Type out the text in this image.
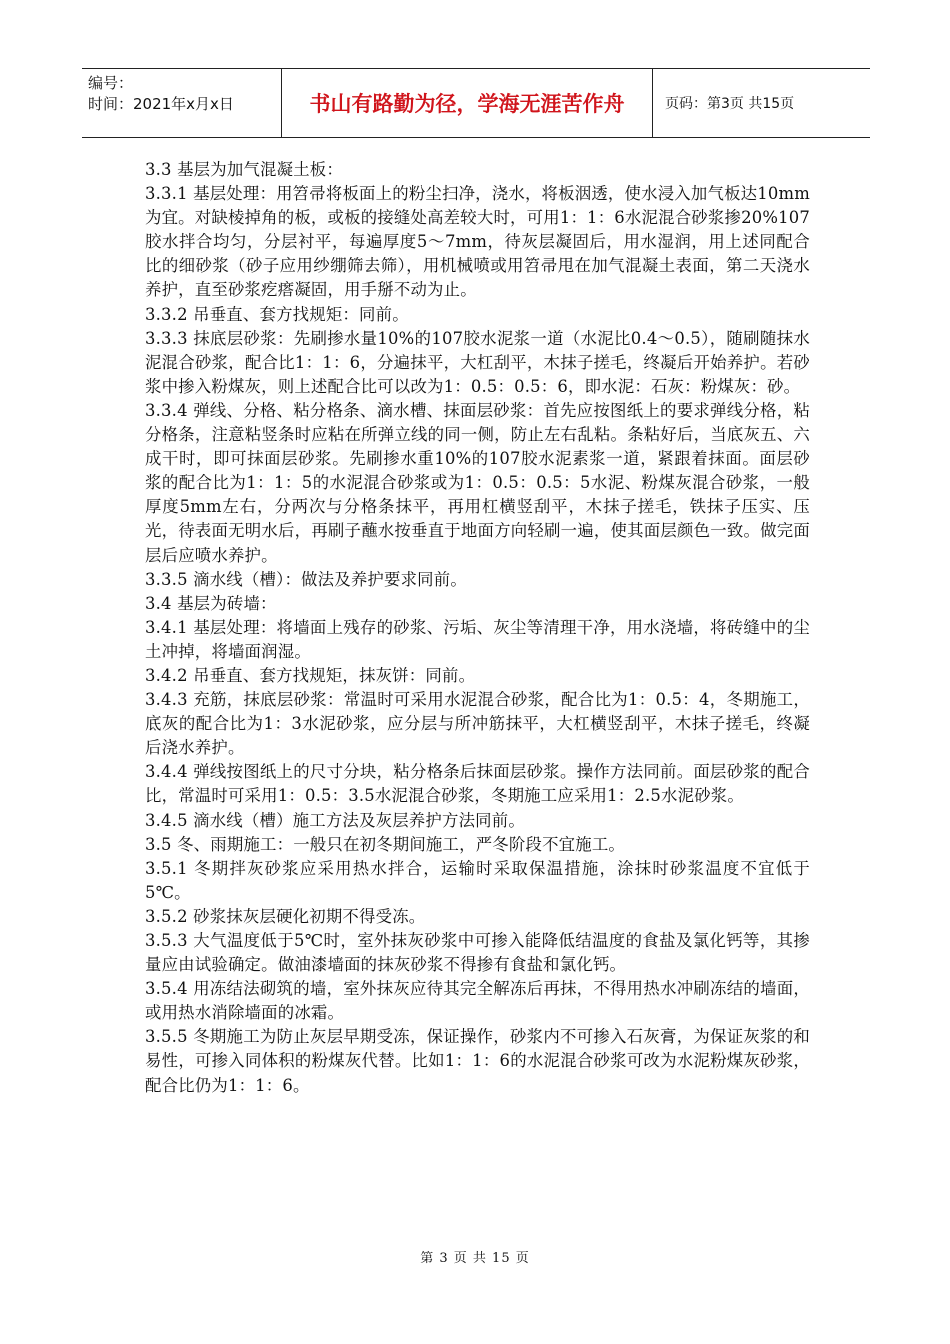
编号：
时间：2021年x月x日	书山有路勤为径，学海无涯苦作舟	页码：第3页 共15页

3.3 基层为加气混凝土板：

3.3.1 基层处理：用笤帚将板面上的粉尘扫净，浇水，将板洇透，使水浸入加气板达10mm为宜。对缺棱掉角的板，或板的接缝处高差较大时，可用1：1：6水泥混合砂浆掺20%107胶水拌合均匀，分层衬平，每遍厚度5～7mm，待灰层凝固后，用水湿润，用上述同配合比的细砂浆（砂子应用纱绷筛去筛），用机械喷或用笤帚甩在加气混凝土表面，第二天浇水养护，直至砂浆疙瘩凝固，用手掰不动为止。

3.3.2 吊垂直、套方找规矩：同前。

3.3.3 抹底层砂浆：先刷掺水量10%的107胶水泥浆一道（水泥比0.4～0.5），随刷随抹水泥混合砂浆，配合比1：1：6，分遍抹平，大杠刮平，木抹子搓毛，终凝后开始养护。若砂浆中掺入粉煤灰，则上述配合比可以改为1：0.5：0.5：6，即水泥：石灰：粉煤灰：砂。

3.3.4 弹线、分格、粘分格条、滴水槽、抹面层砂浆：首先应按图纸上的要求弹线分格，粘分格条，注意粘竖条时应粘在所弹立线的同一侧，防止左右乱粘。条粘好后，当底灰五、六成干时，即可抹面层砂浆。先刷掺水重10%的107胶水泥素浆一道，紧跟着抹面。面层砂浆的配合比为1：1：5的水泥混合砂浆或为1：0.5：0.5：5水泥、粉煤灰混合砂浆，一般厚度5mm左右，分两次与分格条抹平，再用杠横竖刮平，木抹子搓毛，铁抹子压实、压光，待表面无明水后，再刷子蘸水按垂直于地面方向轻刷一遍，使其面层颜色一致。做完面层后应喷水养护。

3.3.5 滴水线（槽）：做法及养护要求同前。

3.4 基层为砖墙：

3.4.1 基层处理：将墙面上残存的砂浆、污垢、灰尘等清理干净，用水浇墙，将砖缝中的尘土冲掉，将墙面润湿。

3.4.2 吊垂直、套方找规矩，抹灰饼：同前。

3.4.3 充筋，抹底层砂浆：常温时可采用水泥混合砂浆，配合比为1：0.5：4，冬期施工，底灰的配合比为1：3水泥砂浆，应分层与所冲筋抹平，大杠横竖刮平，木抹子搓毛，终凝后浇水养护。

3.4.4 弹线按图纸上的尺寸分块，粘分格条后抹面层砂浆。操作方法同前。面层砂浆的配合比，常温时可采用1：0.5：3.5水泥混合砂浆，冬期施工应采用1：2.5水泥砂浆。

3.4.5 滴水线（槽）施工方法及灰层养护方法同前。

3.5 冬、雨期施工：一般只在初冬期间施工，严冬阶段不宜施工。

3.5.1 冬期拌灰砂浆应采用热水拌合，运输时采取保温措施，涂抹时砂浆温度不宜低于5℃。

3.5.2 砂浆抹灰层硬化初期不得受冻。

3.5.3 大气温度低于5℃时，室外抹灰砂浆中可掺入能降低结温度的食盐及氯化钙等，其掺量应由试验确定。做油漆墙面的抹灰砂浆不得掺有食盐和氯化钙。

3.5.4 用冻结法砌筑的墙，室外抹灰应待其完全解冻后再抹，不得用热水冲刷冻结的墙面，或用热水消除墙面的冰霜。

3.5.5 冬期施工为防止灰层早期受冻，保证操作，砂浆内不可掺入石灰膏，为保证灰浆的和易性，可掺入同体积的粉煤灰代替。比如1：1：6的水泥混合砂浆可改为水泥粉煤灰砂浆，配合比仍为1：1：6。

第 3 页 共 15 页
